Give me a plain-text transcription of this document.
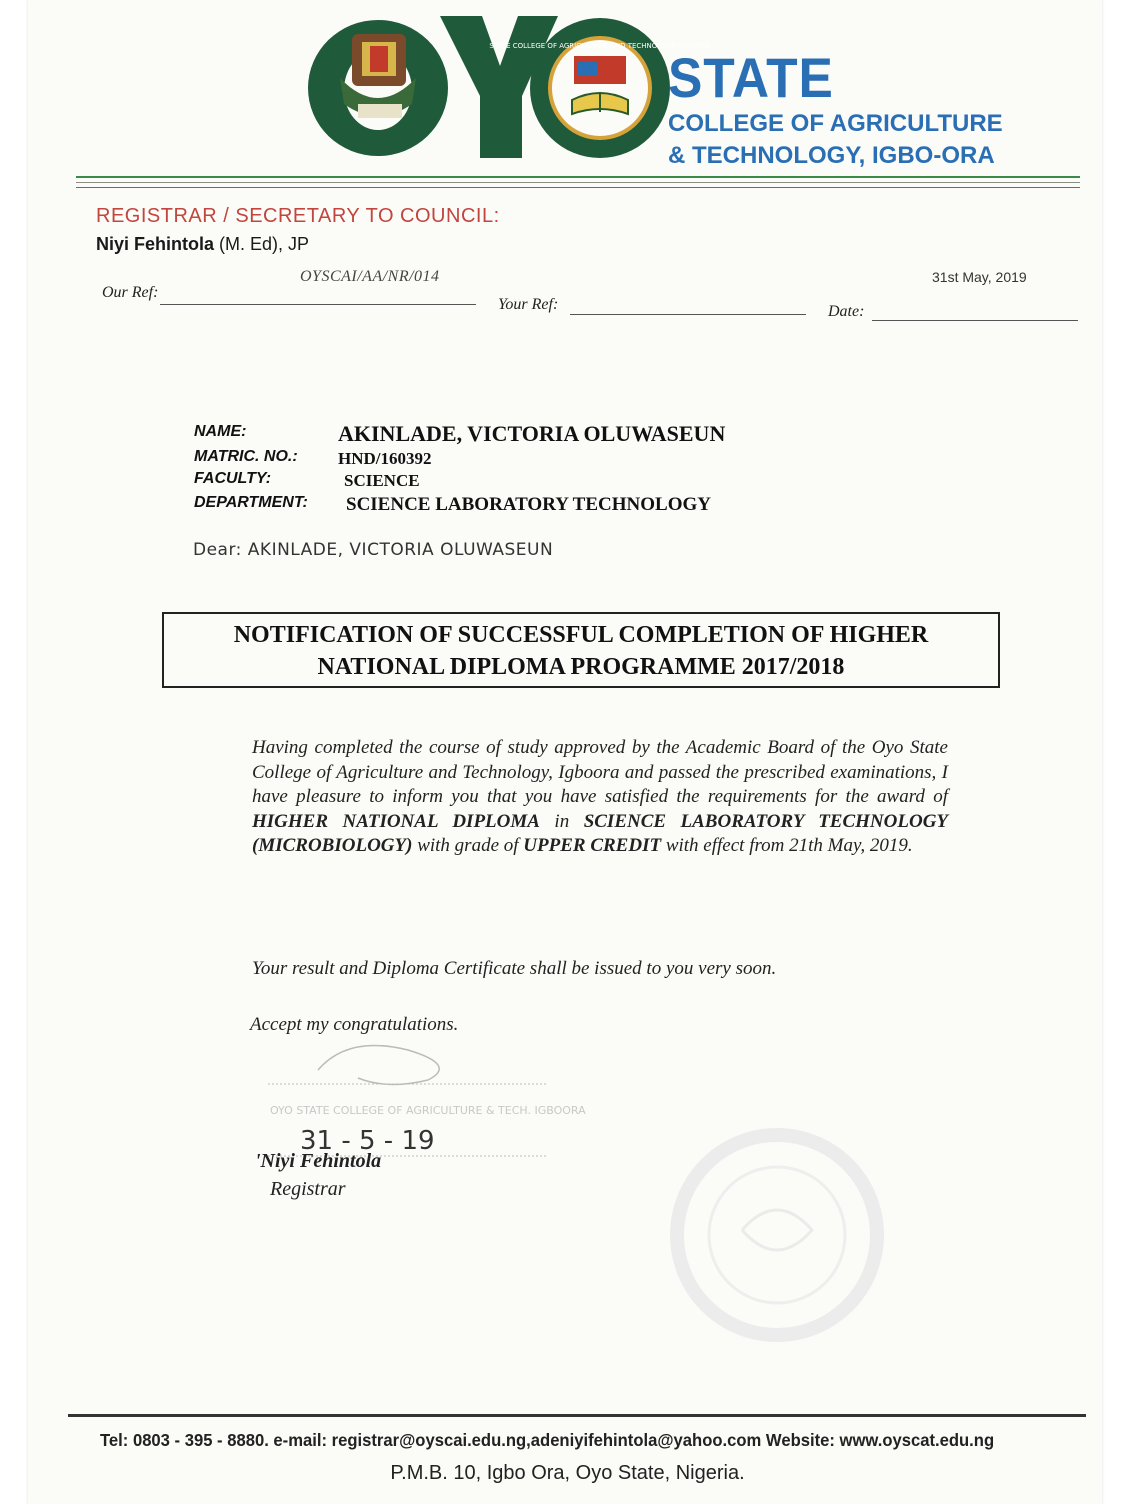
STATE COLLEGE OF AGRICULTURE AND TECHNOLOGY IGBOORA
STATE
COLLEGE OF AGRICULTURE
& TECHNOLOGY, IGBO-ORA
REGISTRAR / SECRETARY TO COUNCIL:
Niyi Fehintola (M. Ed), JP
OYSCAI/AA/NR/014
Our Ref:
Your Ref:
31st May, 2019
Date:
NAME:	AKINLADE, VICTORIA OLUWASEUN
MATRIC. NO.: HND/160392
FACULTY:	SCIENCE
DEPARTMENT: SCIENCE LABORATORY TECHNOLOGY
Dear: AKINLADE, VICTORIA OLUWASEUN
NOTIFICATION OF SUCCESSFUL COMPLETION OF HIGHER
NATIONAL DIPLOMA PROGRAMME 2017/2018
Having completed the course of study approved by the Academic Board of the Oyo State College of Agriculture and Technology, Igboora and passed the prescribed examinations, I have pleasure to inform you that you have satisfied the requirements for the award of HIGHER NATIONAL DIPLOMA in SCIENCE LABORATORY TECHNOLOGY (MICROBIOLOGY) with grade of UPPER CREDIT with effect from 21th May, 2019.
Your result and Diploma Certificate shall be issued to you very soon.
Accept my congratulations.
OYO STATE COLLEGE OF AGRICULTURE & TECH. IGBOORA
31 - 5 - 19
'Niyi Fehintola
Registrar
Tel: 0803 - 395 - 8880. e-mail: registrar@oyscai.edu.ng,adeniyifehintola@yahoo.com Website: www.oyscat.edu.ng
P.M.B. 10, Igbo Ora, Oyo State, Nigeria.
